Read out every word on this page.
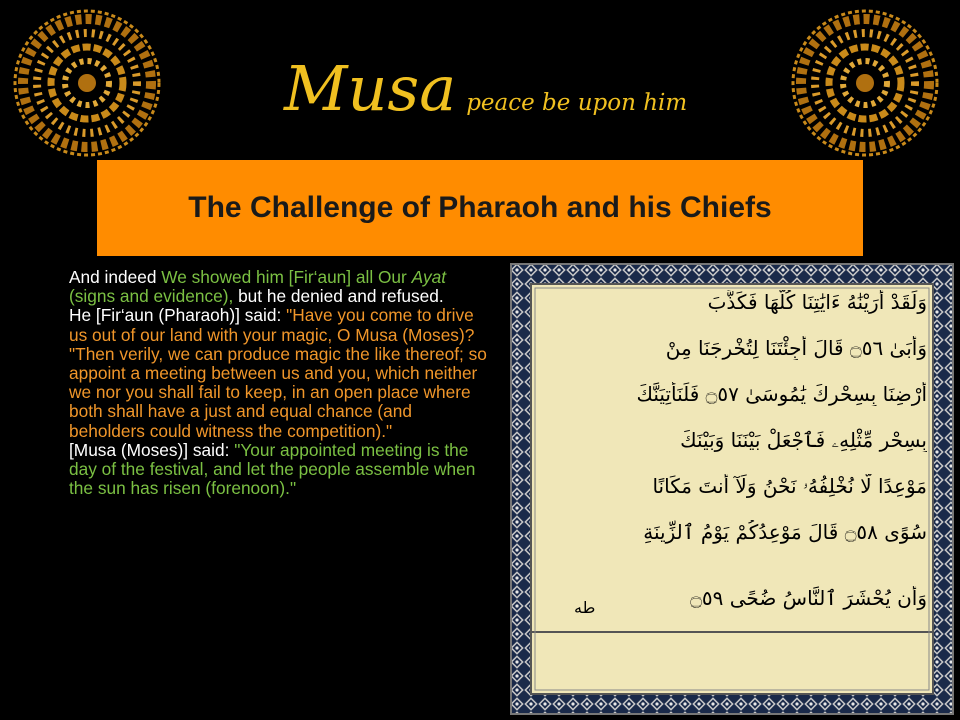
Musa peace be upon him
The Challenge of Pharaoh and his Chiefs

And indeed We showed him [Fir‘aun] all Our Ayat (signs and evidence), but he denied and refused.

He [Fir‘aun (Pharaoh)] said: "Have you come to drive us out of our land with your magic, O Musa (Moses)?

"Then verily, we can produce magic the like thereof; so appoint a meeting between us and you, which neither we nor you shall fail to keep, in an open place where both shall have a just and equal chance (and beholders could witness the competition)."

[Musa (Moses)] said: "Your appointed meeting is the day of the festival, and let the people assemble when the sun has risen (forenoon)."

وَلَقَدْ أَرَيْنَٰهُ ءَايَٰتِنَا كُلَّهَا فَكَذَّبَ
وَأَبَىٰ ۝٥٦ قَالَ أَجِئْتَنَا لِتُخْرِجَنَا مِنْ
أَرْضِنَا بِسِحْرِكَ يَٰمُوسَىٰ ۝٥٧ فَلَنَأْتِيَنَّكَ
بِسِحْرٍ مِّثْلِهِۦ فَٱجْعَلْ بَيْنَنَا وَبَيْنَكَ
مَوْعِدًا لَّا نُخْلِفُهُۥ نَحْنُ وَلَآ أَنتَ مَكَانًا
سُوًى ۝٥٨ قَالَ مَوْعِدُكُمْ يَوْمُ ٱلزِّينَةِ
وَأَن يُحْشَرَ ٱلنَّاسُ ضُحًى ۝٥٩
طه
